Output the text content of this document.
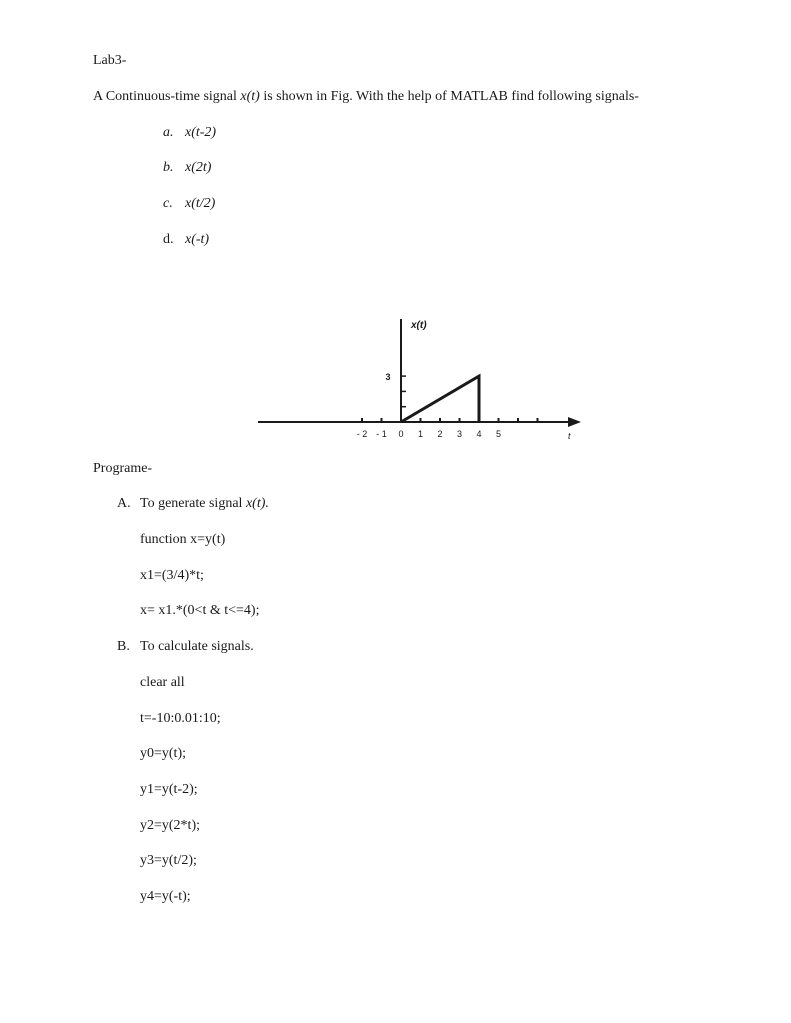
Lab3-
A Continuous-time signal x(t) is shown in Fig. With the help of MATLAB find following signals-
a. x(t-2)
b. x(2t)
c. x(t/2)
d. x(-t)
- 2 - 1 0 1 2 3 4 5
3
x(t)
t
Programe-
A. To generate signal x(t).
function x=y(t)
x1=(3/4)*t;
x= x1.*(0<t & t<=4);
B. To calculate signals.
clear all
t=-10:0.01:10;
y0=y(t);
y1=y(t-2);
y2=y(2*t);
y3=y(t/2);
y4=y(-t);
